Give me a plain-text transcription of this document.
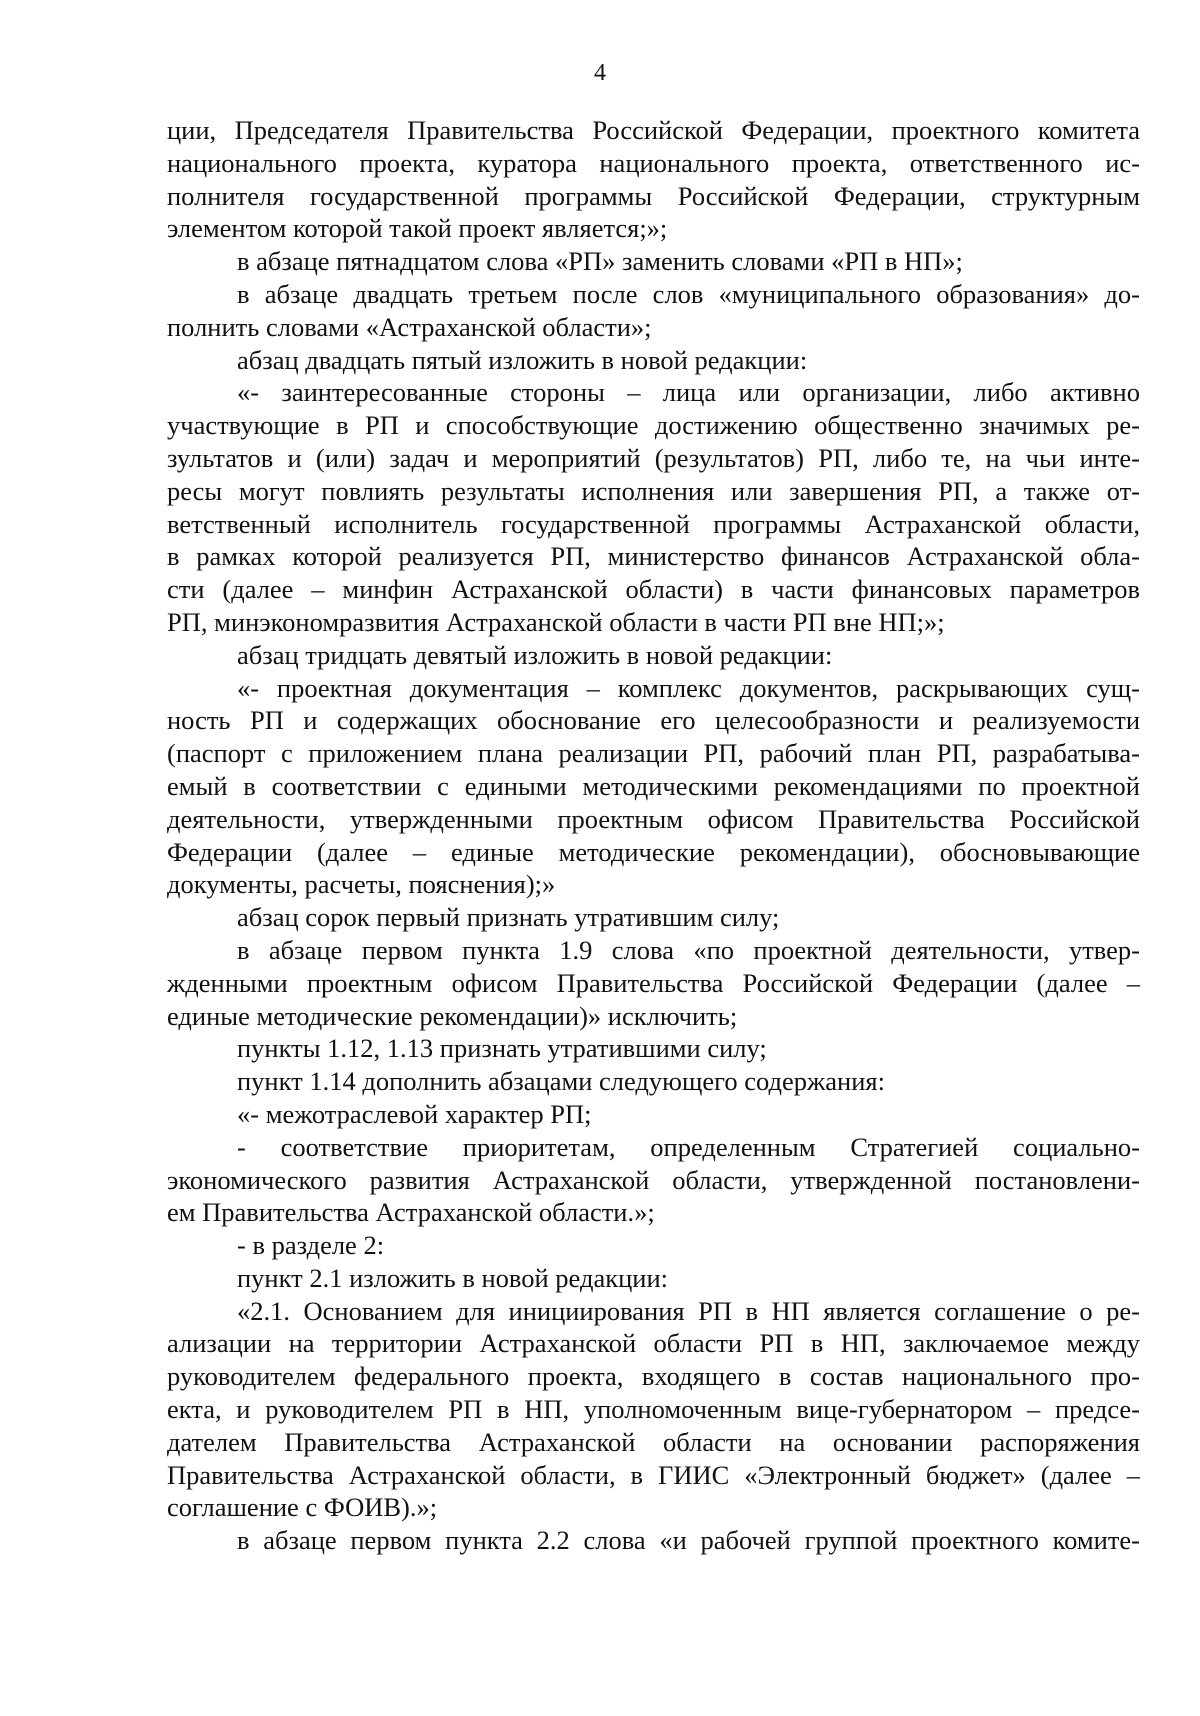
4

ции, Председателя Правительства Российской Федерации, проектного комитета

национального проекта, куратора национального проекта, ответственного ис-

полнителя государственной программы Российской Федерации, структурным

элементом которой такой проект является;»;

в абзаце пятнадцатом слова «РП» заменить словами «РП в НП»;

в абзаце двадцать третьем после слов «муниципального образования» до-

полнить словами «Астраханской области»;

абзац двадцать пятый изложить в новой редакции:

«- заинтересованные стороны – лица или организации, либо активно

участвующие в РП и способствующие достижению общественно значимых ре-

зультатов и (или) задач и мероприятий (результатов) РП, либо те, на чьи инте-

ресы могут повлиять результаты исполнения или завершения РП, а также от-

ветственный исполнитель государственной программы Астраханской области,

в рамках которой реализуется РП, министерство финансов Астраханской обла-

сти (далее – минфин Астраханской области) в части финансовых параметров

РП, минэкономразвития Астраханской области в части РП вне НП;»;

абзац тридцать девятый изложить в новой редакции:

«- проектная документация – комплекс документов, раскрывающих сущ-

ность РП и содержащих обоснование его целесообразности и реализуемости

(паспорт с приложением плана реализации РП, рабочий план РП, разрабатыва-

емый в соответствии с едиными методическими рекомендациями по проектной

деятельности, утвержденными проектным офисом Правительства Российской

Федерации (далее – единые методические рекомендации), обосновывающие

документы, расчеты, пояснения);»

абзац сорок первый признать утратившим силу;

в абзаце первом пункта 1.9 слова «по проектной деятельности, утвер-

жденными проектным офисом Правительства Российской Федерации (далее –

единые методические рекомендации)» исключить;

пункты 1.12, 1.13 признать утратившими силу;

пункт 1.14 дополнить абзацами следующего содержания:

«- межотраслевой характер РП;

- соответствие приоритетам, определенным Стратегией социально-

экономического развития Астраханской области, утвержденной постановлени-

ем Правительства Астраханской области.»;

- в разделе 2:

пункт 2.1 изложить в новой редакции:

«2.1. Основанием для инициирования РП в НП является соглашение о ре-

ализации на территории Астраханской области РП в НП, заключаемое между

руководителем федерального проекта, входящего в состав национального про-

екта, и руководителем РП в НП, уполномоченным вице-губернатором – предсе-

дателем Правительства Астраханской области на основании распоряжения

Правительства Астраханской области, в ГИИС «Электронный бюджет» (далее –

соглашение с ФОИВ).»;

в абзаце первом пункта 2.2 слова «и рабочей группой проектного комите-
